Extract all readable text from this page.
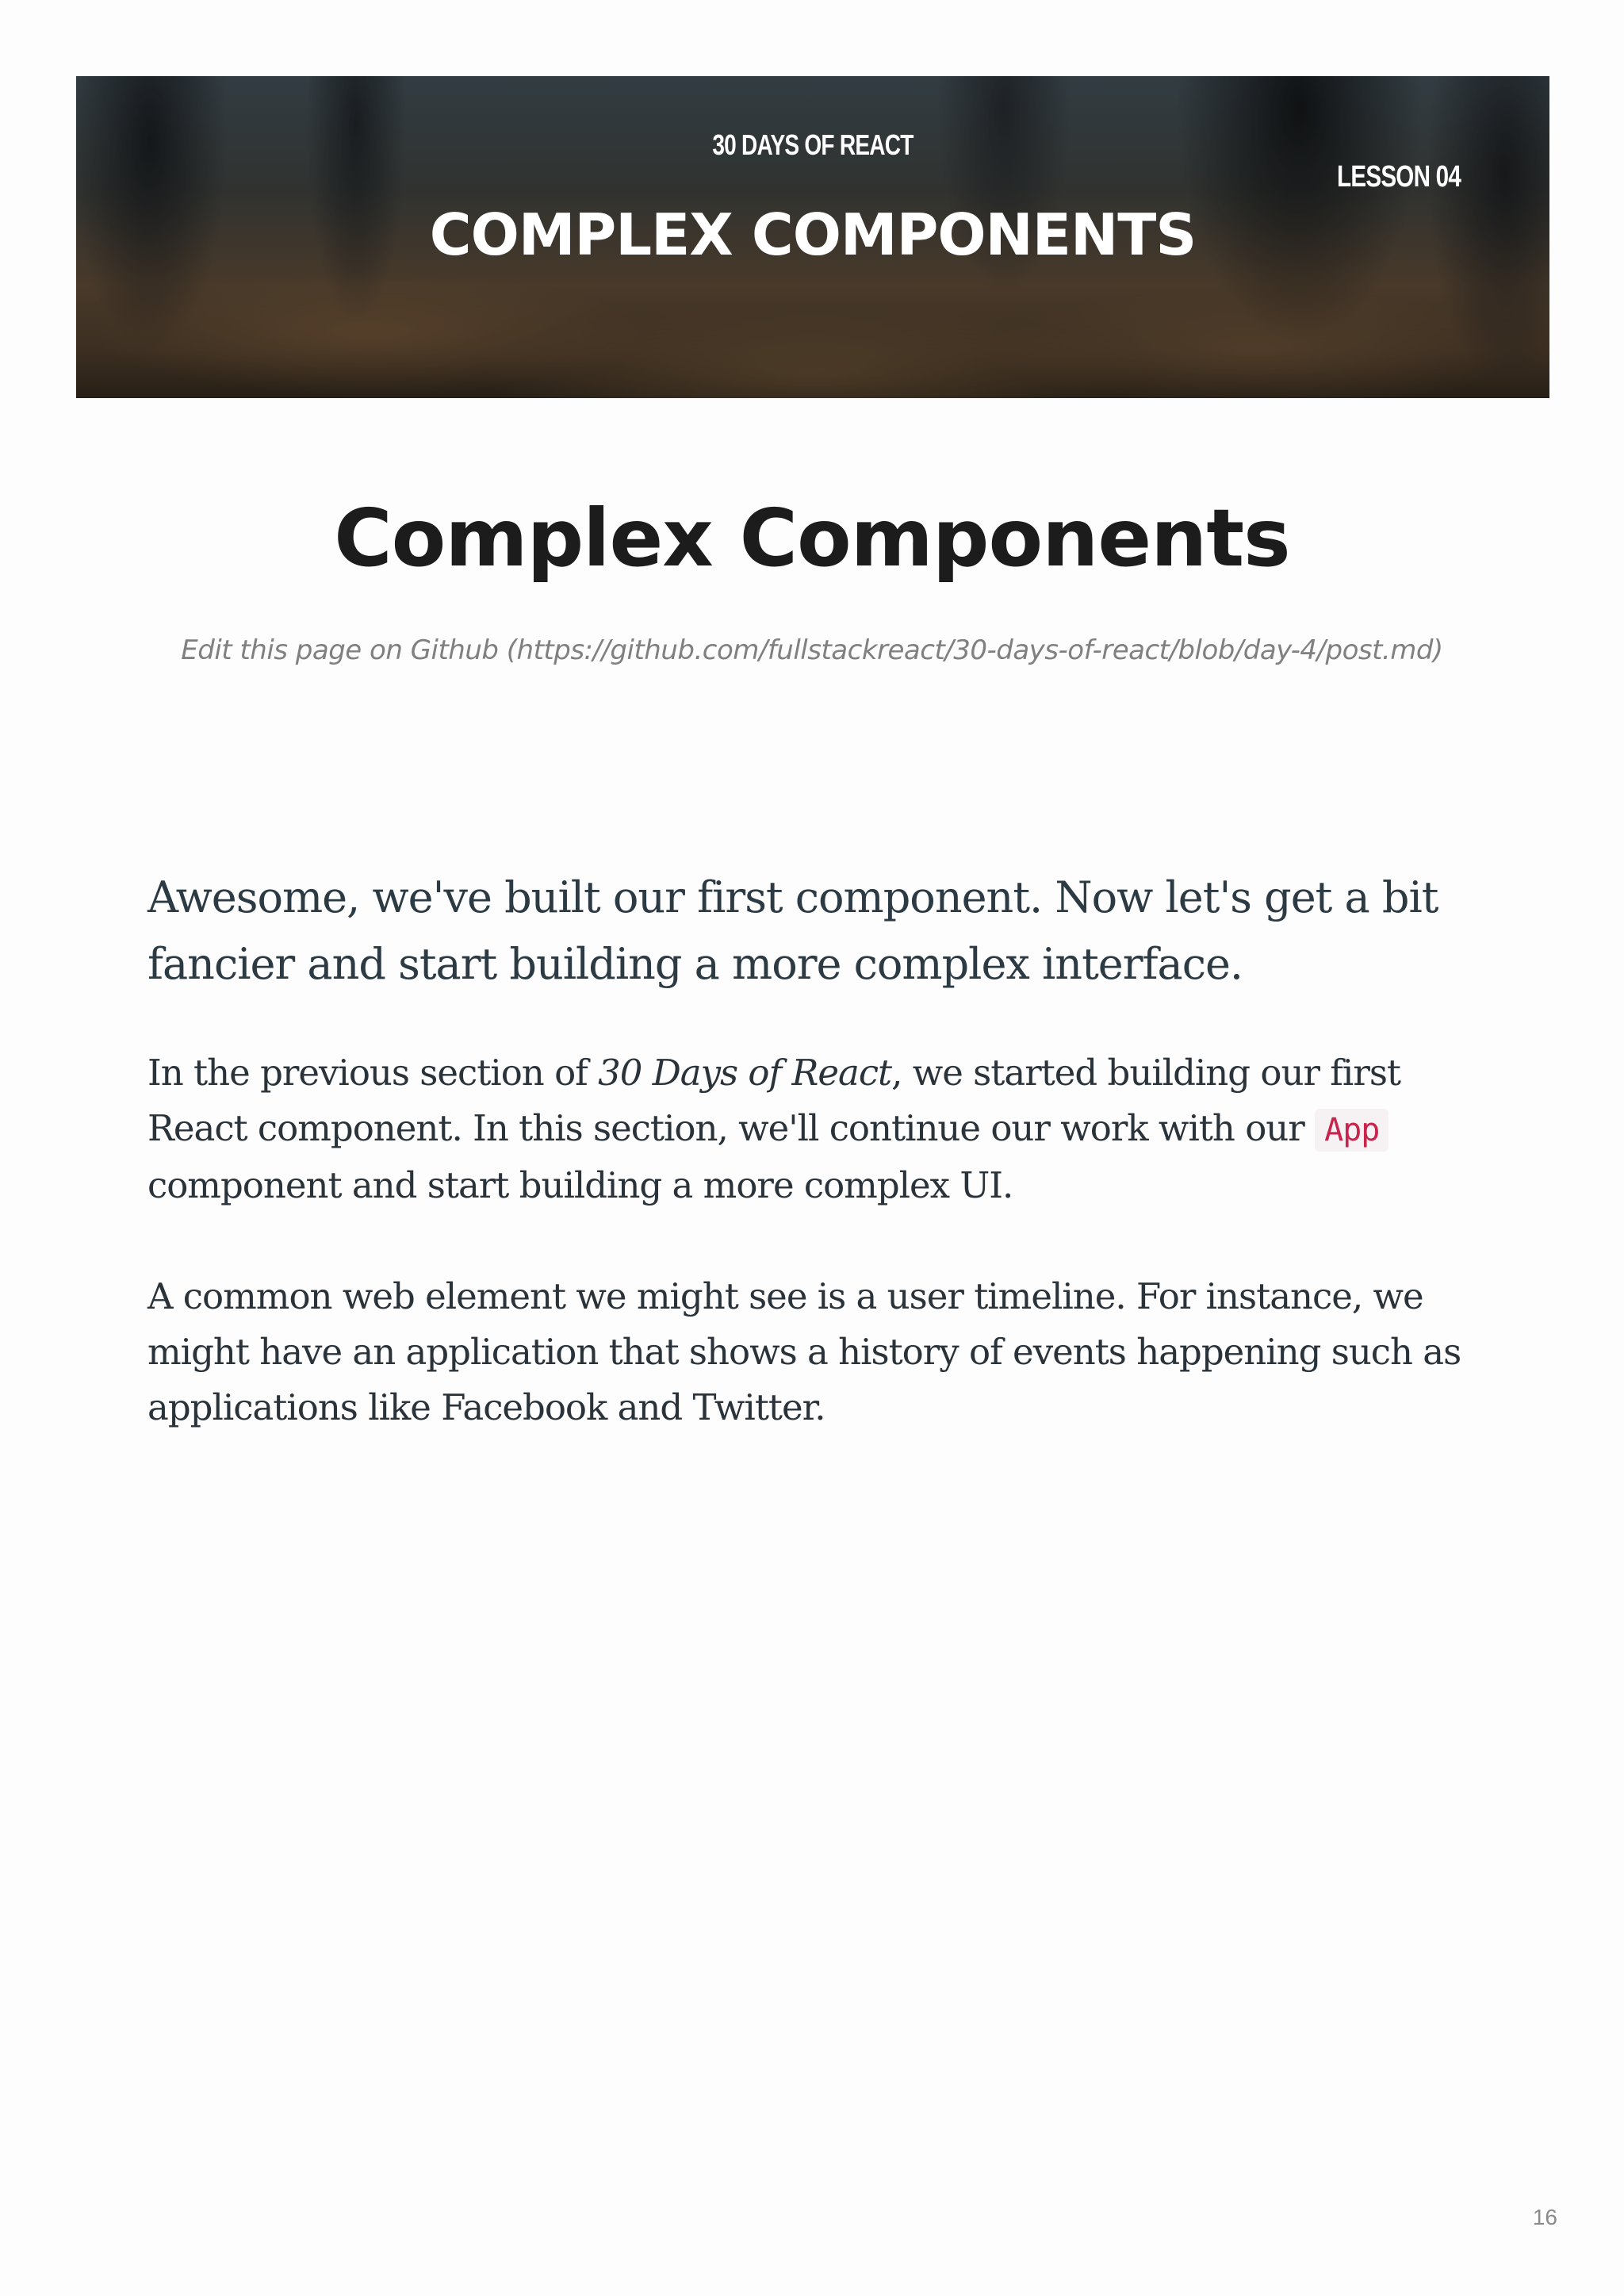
30 DAYS OF REACT
LESSON 04
COMPLEX COMPONENTS
Complex Components
Edit this page on Github (https://github.com/fullstackreact/30-days-of-react/blob/day-4/post.md)

Awesome, we've built our first component. Now let's get a bit fancier and start building a more complex interface.

In the previous section of 30 Days of React, we started building our first React component. In this section, we'll continue our work with our App component and start building a more complex UI.

A common web element we might see is a user timeline. For instance, we might have an application that shows a history of events happening such as applications like Facebook and Twitter.

16
